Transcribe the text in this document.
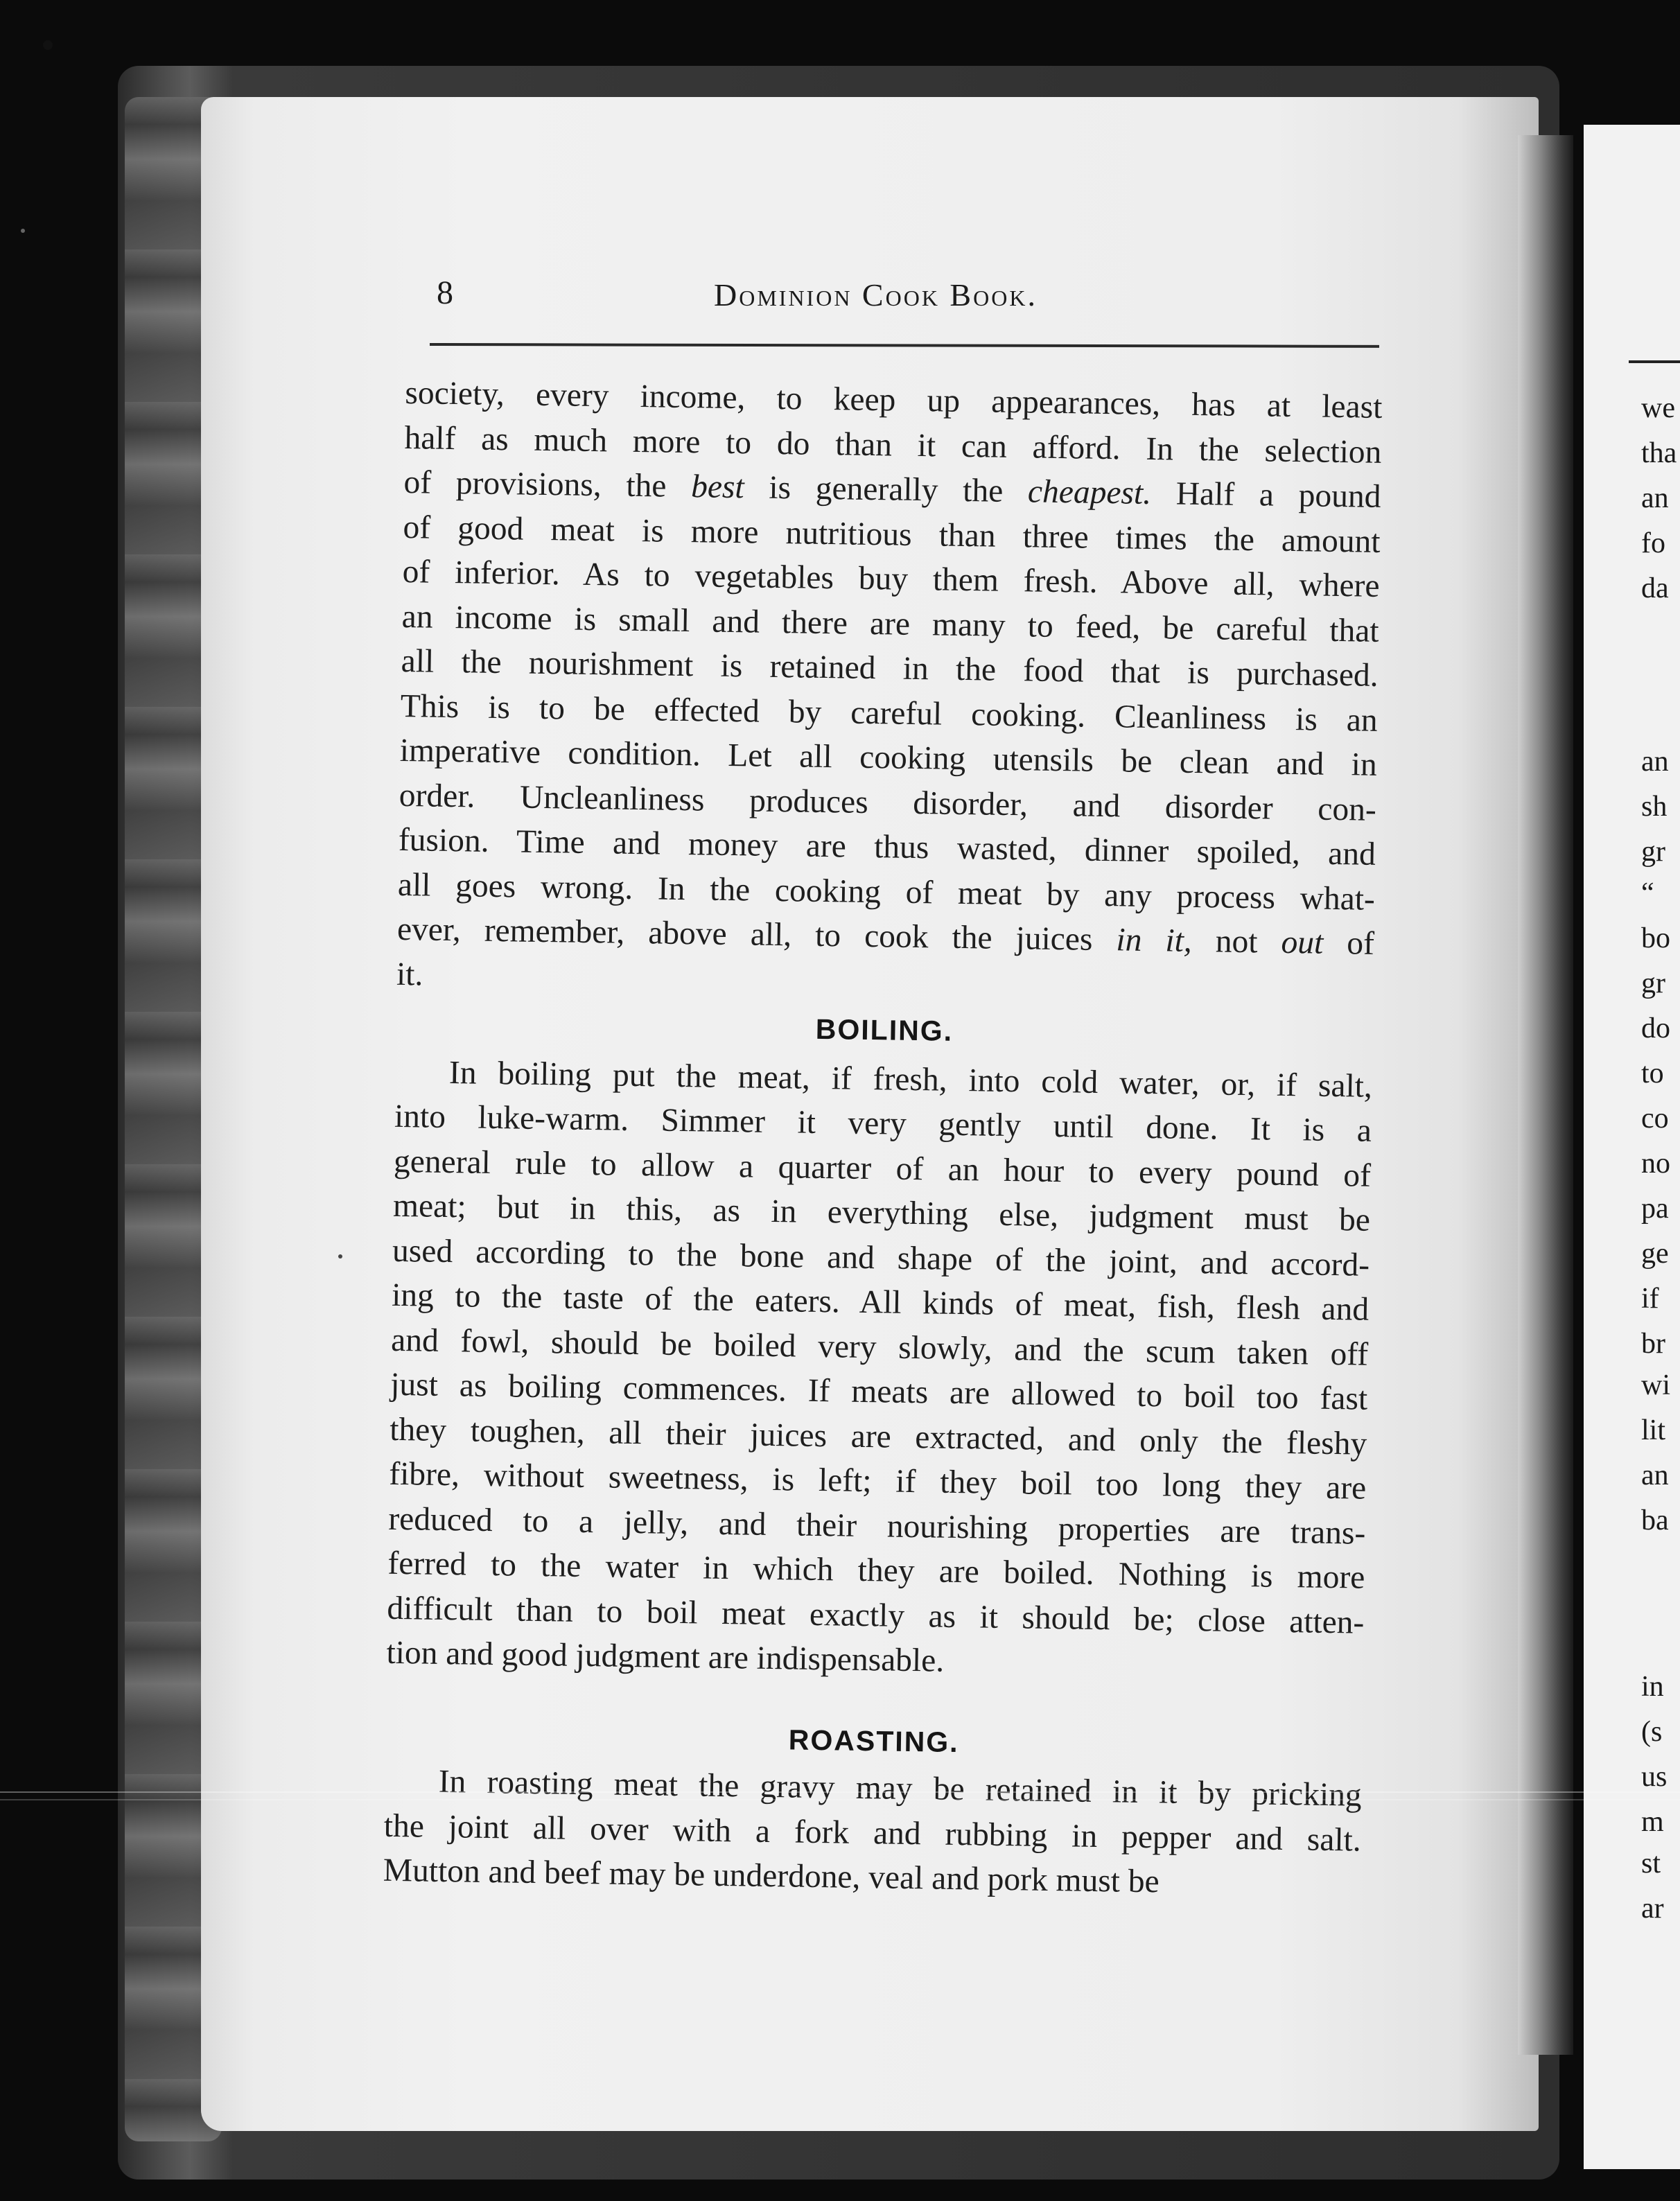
we
tha
an
fo
da
an
sh
gr
“
bo
gr
do
to
co
no
pa
ge
if
br
wi
lit
an
ba
in
(s
us
m
st
ar
8	Dominion Cook Book.
society, every income, to keep up appearances, has at least
half as much more to do than it can afford. In the selection
of provisions, the best is generally the cheapest. Half a pound
of good meat is more nutritious than three times the amount
of inferior. As to vegetables buy them fresh. Above all, where
an income is small and there are many to feed, be careful that
all the nourishment is retained in the food that is purchased.
This is to be effected by careful cooking. Cleanliness is an
imperative condition. Let all cooking utensils be clean and in
order. Uncleanliness produces disorder, and disorder con-
fusion. Time and money are thus wasted, dinner spoiled, and
all goes wrong. In the cooking of meat by any process what-
ever, remember, above all, to cook the juices in it, not out of
it.
BOILING.
In boiling put the meat, if fresh, into cold water, or, if salt,
into luke-warm. Simmer it very gently until done. It is a
general rule to allow a quarter of an hour to every pound of
meat; but in this, as in everything else, judgment must be
used according to the bone and shape of the joint, and accord-
ing to the taste of the eaters. All kinds of meat, fish, flesh and
and fowl, should be boiled very slowly, and the scum taken off
just as boiling commences. If meats are allowed to boil too fast
they toughen, all their juices are extracted, and only the fleshy
fibre, without sweetness, is left; if they boil too long they are
reduced to a jelly, and their nourishing properties are trans-
ferred to the water in which they are boiled. Nothing is more
difficult than to boil meat exactly as it should be; close atten-
tion and good judgment are indispensable.
ROASTING.
In roasting meat the gravy may be retained in it by pricking
the joint all over with a fork and rubbing in pepper and salt.
Mutton and beef may be underdone, veal and pork must be
